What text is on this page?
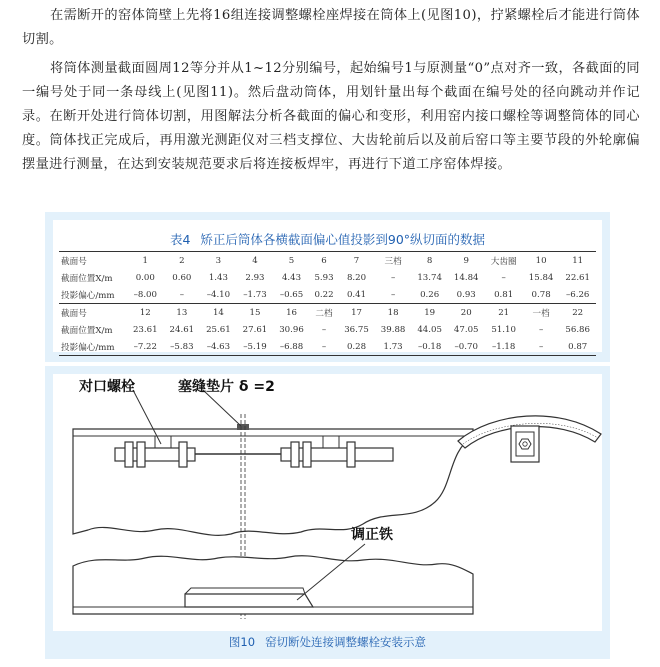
在需断开的窑体筒壁上先将16组连接调整螺栓座焊接在筒体上(见图10)，拧紧螺栓后才能进行筒体切割。

将筒体测量截面圆周12等分并从1~12分别编号，起始编号1与原测量“0”点对齐一致，各截面的同一编号处于同一条母线上(见图11)。然后盘动筒体，用划针量出每个截面在编号处的径向跳动并作记录。在断开处进行筒体切割，用图解法分析各截面的偏心和变形，利用窑内接口螺栓等调整筒体的同心度。筒体找正完成后，再用激光测距仪对三档支撑位、大齿轮前后以及前后窑口等主要节段的外轮廓偏摆量进行测量，在达到安装规范要求后将连接板焊牢，再进行下道工序窑体焊接。

表4 矫正后筒体各横截面偏心值投影到90°纵切面的数据
截面号	1	2	3	4	5	6	7	三档	8	9	大齿圈	10	11
截面位置X/m	0.00	0.60	1.43	2.93	4.43	5.93	8.20	–	13.74	14.84	–	15.84	22.61
投影偏心/mm	–8.00	–	–4.10	–1.73	–0.65	0.22	0.41	–	0.26	0.93	0.81	0.78	–6.26
截面号	12	13	14	15	16	二档	17	18	19	20	21	一档	22
截面位置X/m	23.61	24.61	25.61	27.61	30.96	–	36.75	39.88	44.05	47.05	51.10	–	56.86
投影偏心/mm	–7.22	–5.83	–4.63	–5.19	–6.88	–	0.28	1.73	–0.18	–0.70	–1.18	–	0.87
对口螺栓	塞缝垫片 δ =2
调正铁
图10 窑切断处连接调整螺栓安装示意
